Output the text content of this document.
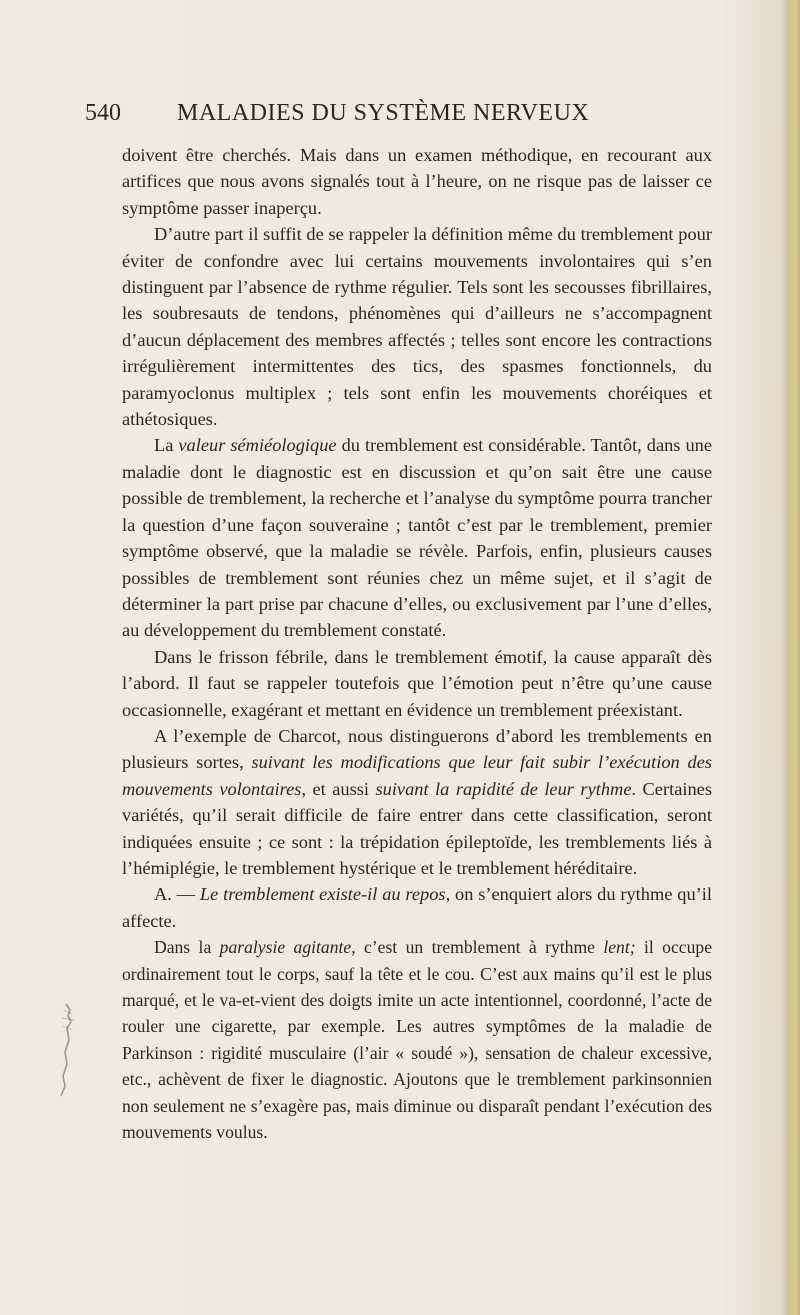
540 MALADIES DU SYSTÈME NERVEUX

doivent être cherchés. Mais dans un examen méthodique, en recourant aux artifices que nous avons signalés tout à l’heure, on ne risque pas de laisser ce symptôme passer inaperçu.

D’autre part il suffit de se rappeler la définition même du tremblement pour éviter de confondre avec lui certains mouvements involontaires qui s’en distinguent par l’absence de rythme régulier. Tels sont les secousses fibrillaires, les soubresauts de tendons, phénomènes qui d’ailleurs ne s’accompagnent d’aucun déplacement des membres affectés ; telles sont encore les contractions irrégulièrement intermittentes des tics, des spasmes fonctionnels, du paramyoclonus multiplex ; tels sont enfin les mouvements choréiques et athétosiques.

La valeur sémiéologique du tremblement est considérable. Tantôt, dans une maladie dont le diagnostic est en discussion et qu’on sait être une cause possible de tremblement, la recherche et l’analyse du symptôme pourra trancher la question d’une façon souveraine ; tantôt c’est par le tremblement, premier symptôme observé, que la maladie se révèle. Parfois, enfin, plusieurs causes possibles de tremblement sont réunies chez un même sujet, et il s’agit de déterminer la part prise par chacune d’elles, ou exclusivement par l’une d’elles, au développement du tremblement constaté.

Dans le frisson fébrile, dans le tremblement émotif, la cause apparaît dès l’abord. Il faut se rappeler toutefois que l’émotion peut n’être qu’une cause occasionnelle, exagérant et mettant en évidence un tremblement préexistant.

A l’exemple de Charcot, nous distinguerons d’abord les tremblements en plusieurs sortes, suivant les modifications que leur fait subir l’exécution des mouvements volontaires, et aussi suivant la rapidité de leur rythme. Certaines variétés, qu’il serait difficile de faire entrer dans cette classification, seront indiquées ensuite ; ce sont : la trépidation épileptoïde, les tremblements liés à l’hémiplégie, le tremblement hystérique et le tremblement héréditaire.

A. — Le tremblement existe-il au repos, on s’enquiert alors du rythme qu’il affecte.

Dans la paralysie agitante, c’est un tremblement à rythme lent; il occupe ordinairement tout le corps, sauf la tête et le cou. C’est aux mains qu’il est le plus marqué, et le va-et-vient des doigts imite un acte intentionnel, coordonné, l’acte de rouler une cigarette, par exemple. Les autres symptômes de la maladie de Parkinson : rigidité musculaire (l’air « soudé »), sensation de chaleur excessive, etc., achèvent de fixer le diagnostic. Ajoutons que le tremblement parkinsonnien non seulement ne s’exagère pas, mais diminue ou disparaît pendant l’exécution des mouvements voulus.
